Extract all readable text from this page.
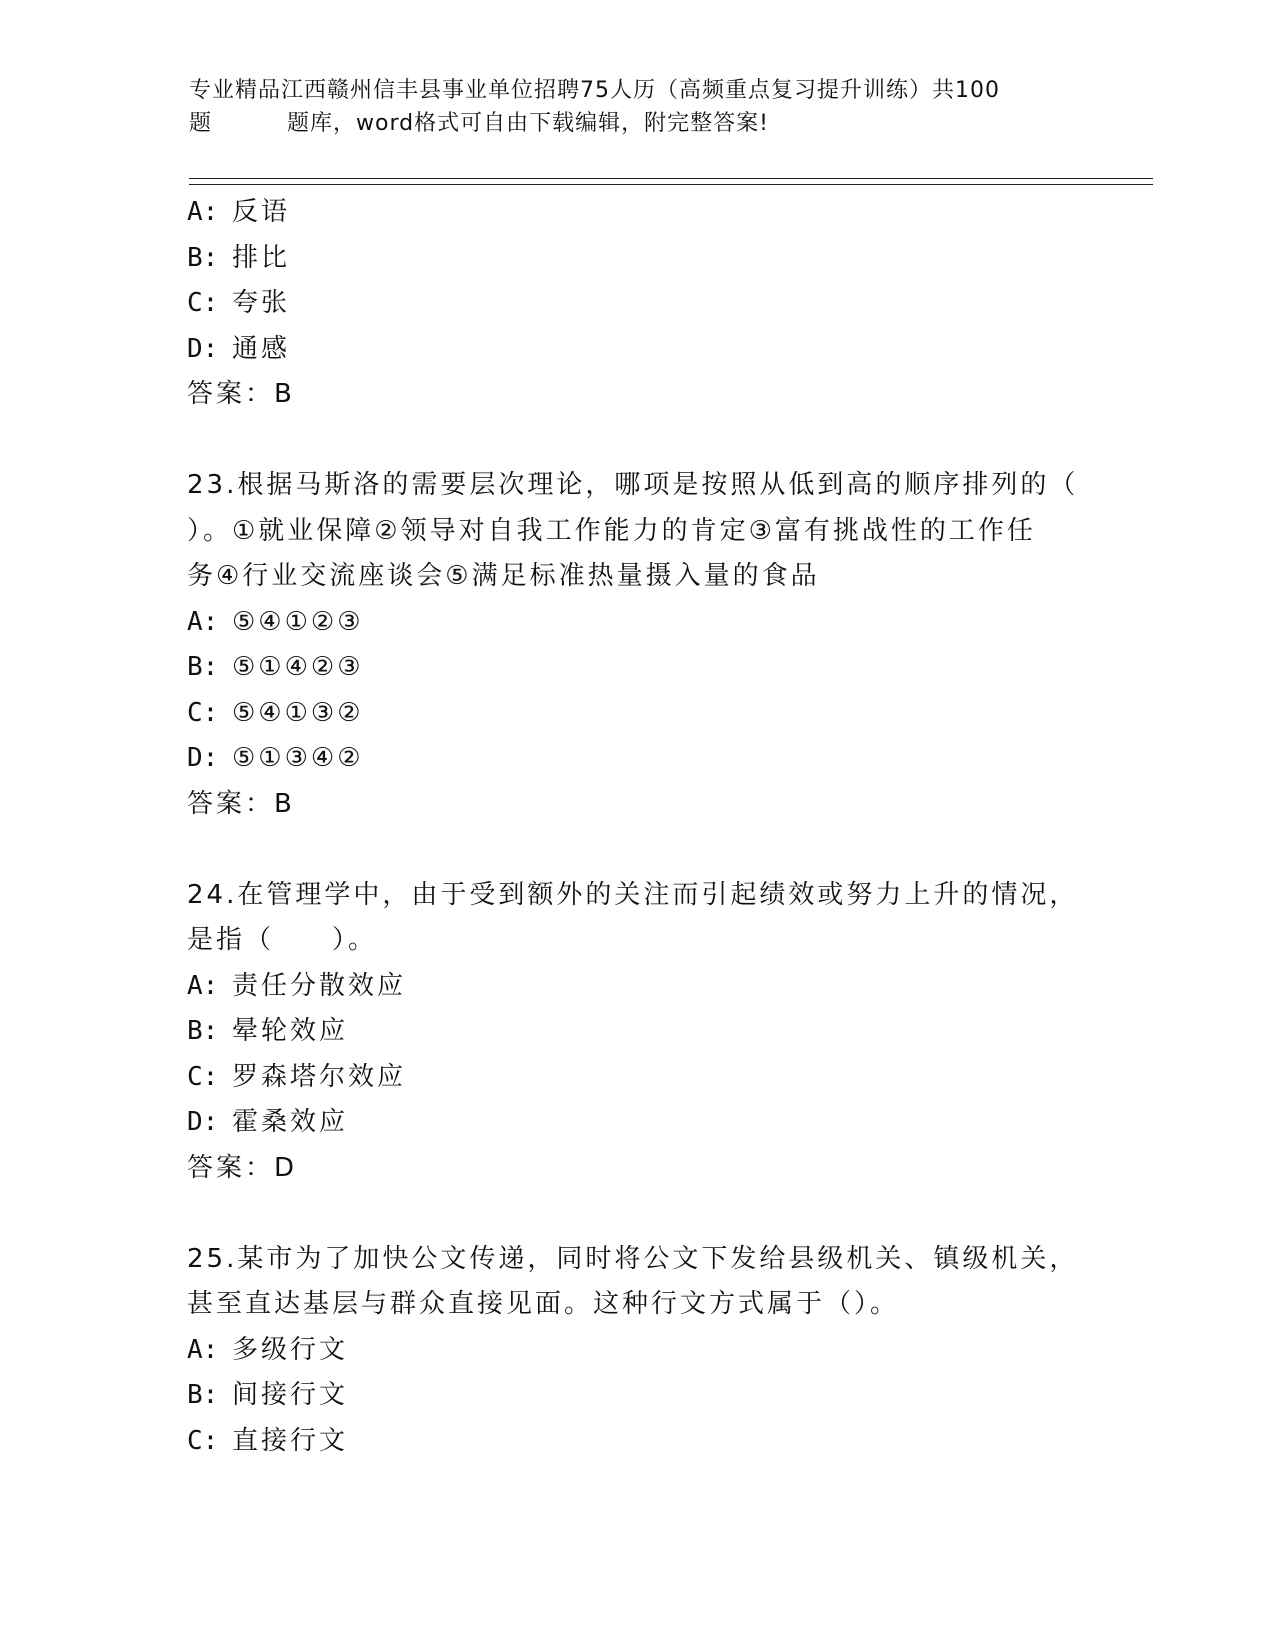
专业精品江西赣州信丰县事业单位招聘75人历（高频重点复习提升训练）共100
题	题库，word格式可自由下载编辑，附完整答案!
A: 反语
B: 排比
C: 夸张
D: 通感
答案：B
23.根据马斯洛的需要层次理论，哪项是按照从低到高的顺序排列的（
）。①就业保障②领导对自我工作能力的肯定③富有挑战性的工作任
务④行业交流座谈会⑤满足标准热量摄入量的食品
A: ⑤④①②③
B: ⑤①④②③
C: ⑤④①③②
D: ⑤①③④②
答案：B
24.在管理学中，由于受到额外的关注而引起绩效或努力上升的情况，
是指（　　）。
A: 责任分散效应
B: 晕轮效应
C: 罗森塔尔效应
D: 霍桑效应
答案：D
25.某市为了加快公文传递，同时将公文下发给县级机关、镇级机关，
甚至直达基层与群众直接见面。这种行文方式属于（）。
A: 多级行文
B: 间接行文
C: 直接行文
